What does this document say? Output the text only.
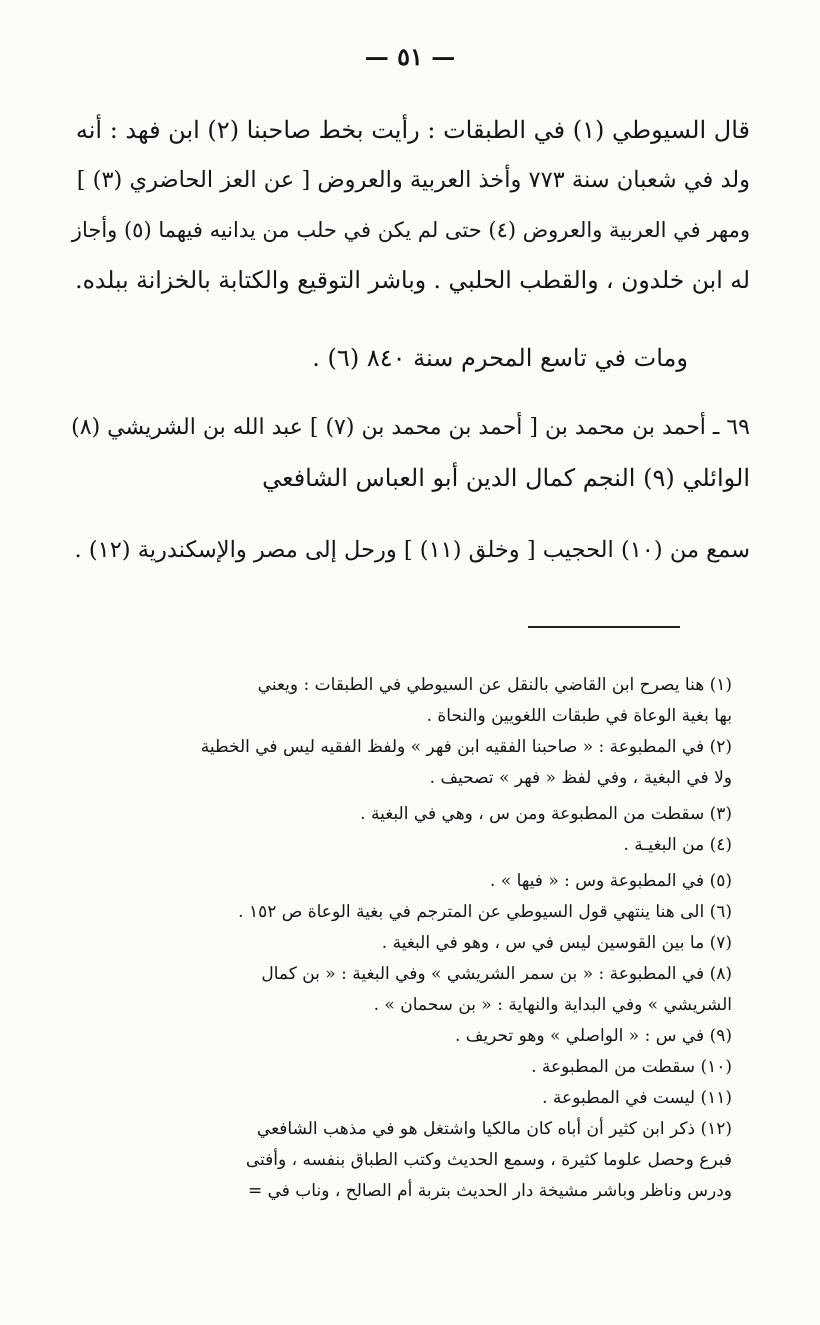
— ٥١ —
قال السيوطي (١) في الطبقات : رأيت بخط صاحبنا (٢) ابن فهد : أنه
ولد في شعبان سنة ٧٧٣ وأخذ العربية والعروض [ عن العز الحاضري (٣) ]
ومهر في العربية والعروض (٤) حتى لم يكن في حلب من يدانيه فيهما (٥) وأجاز
له ابن خلدون ، والقطب الحلبي . وباشر التوقيع والكتابة بالخزانة ببلده.
ومات في تاسع المحرم سنة ٨٤٠ (٦) .
٦٩ ـ أحمد بن محمد بن [ أحمد بن محمد بن (٧) ] عبد الله بن الشريشي (٨)
الوائلي (٩) النجم كمال الدين أبو العباس الشافعي
سمع من (١٠) الحجيب [ وخلق (١١) ] ورحل إلى مصر والإسكندرية (١٢) .
(١) هنا يصرح ابن القاضي بالنقل عن السيوطي في الطبقات : ويعني
بها بغية الوعاة في طبقات اللغويين والنحاة .
(٢) في المطبوعة : « صاحبنا الفقيه ابن فهر » ولفظ الفقيه ليس في الخطية
ولا في البغية ، وفي لفظ « فهر » تصحيف .
(٣) سقطت من المطبوعة ومن س ، وهي في البغية .
(٤) من البغيـة .
(٥) في المطبوعة وس : « فيها » .
(٦) الى هنا ينتهي قول السيوطي عن المترجم في بغية الوعاة ص ١٥٢ .
(٧) ما بين القوسين ليس في س ، وهو في البغية .
(٨) في المطبوعة : « بن سمر الشريشي » وفي البغية : « بن كمال
الشريشي » وفي البداية والنهاية : « بن سحمان » .
(٩) في س : « الواصلي » وهو تحريف .
(١٠) سقطت من المطبوعة .
(١١) ليست في المطبوعة .
(١٢) ذكر ابن كثير أن أباه كان مالكيا واشتغل هو في مذهب الشافعي
فبرع وحصل علوما كثيرة ، وسمع الحديث وكتب الطباق بنفسه ، وأفتى
ودرس وناظر وباشر مشيخة دار الحديث بتربة أم الصالح ، وناب في =
